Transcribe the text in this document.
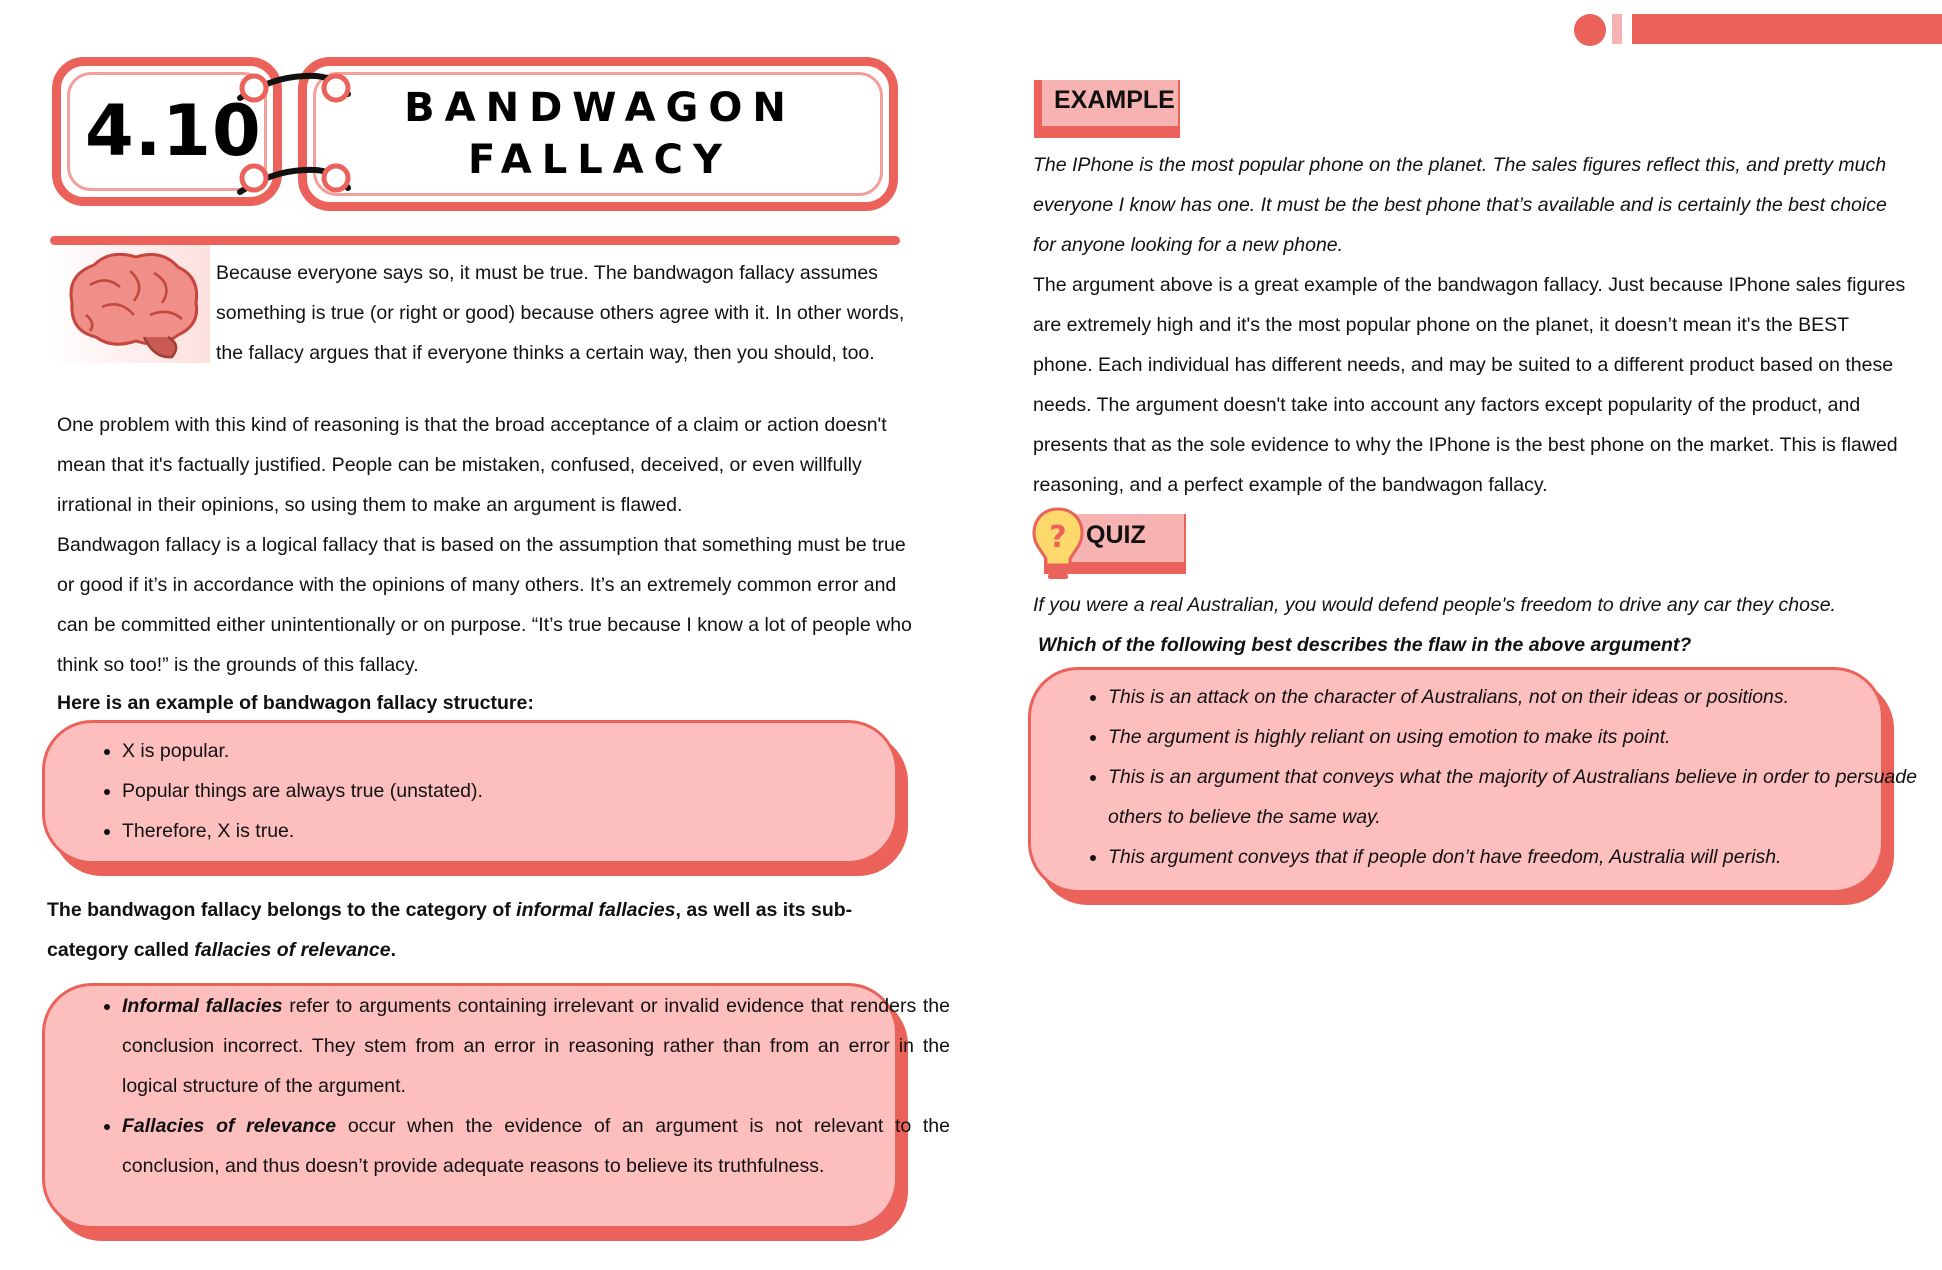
4.10	BANDWAGON
FALLACY

Because everyone says so, it must be true. The bandwagon fallacy assumes something is true (or right or good) because others agree with it. In other words, the fallacy argues that if everyone thinks a certain way, then you should, too.

One problem with this kind of reasoning is that the broad acceptance of a claim or action doesn't mean that it's factually justified. People can be mistaken, confused, deceived, or even willfully irrational in their opinions, so using them to make an argument is flawed.

Bandwagon fallacy is a logical fallacy that is based on the assumption that something must be true or good if it’s in accordance with the opinions of many others. It’s an extremely common error and can be committed either unintentionally or on purpose. “It’s true because I know a lot of people who think so too!” is the grounds of this fallacy.

Here is an example of bandwagon fallacy structure:
• X is popular.
• Popular things are always true (unstated).
• Therefore, X is true.

The bandwagon fallacy belongs to the category of informal fallacies, as well as its sub-category called fallacies of relevance.

• Informal fallacies refer to arguments containing irrelevant or invalid evidence that renders the conclusion incorrect. They stem from an error in reasoning rather than from an error in the logical structure of the argument.
• Fallacies of relevance occur when the evidence of an argument is not relevant to the conclusion, and thus doesn’t provide adequate reasons to believe its truthfulness.
EXAMPLE

The IPhone is the most popular phone on the planet. The sales figures reflect this, and pretty much everyone I know has one. It must be the best phone that’s available and is certainly the best choice for anyone looking for a new phone.

The argument above is a great example of the bandwagon fallacy. Just because IPhone sales figures are extremely high and it's the most popular phone on the planet, it doesn’t mean it's the BEST phone. Each individual has different needs, and may be suited to a different product based on these needs. The argument doesn't take into account any factors except popularity of the product, and presents that as the sole evidence to why the IPhone is the best phone on the market. This is flawed reasoning, and a perfect example of the bandwagon fallacy.

? QUIZ

If you were a real Australian, you would defend people's freedom to drive any car they chose.

Which of the following best describes the flaw in the above argument?

• This is an attack on the character of Australians, not on their ideas or positions.
• The argument is highly reliant on using emotion to make its point.
• This is an argument that conveys what the majority of Australians believe in order to persuade others to believe the same way.
• This argument conveys that if people don’t have freedom, Australia will perish.
